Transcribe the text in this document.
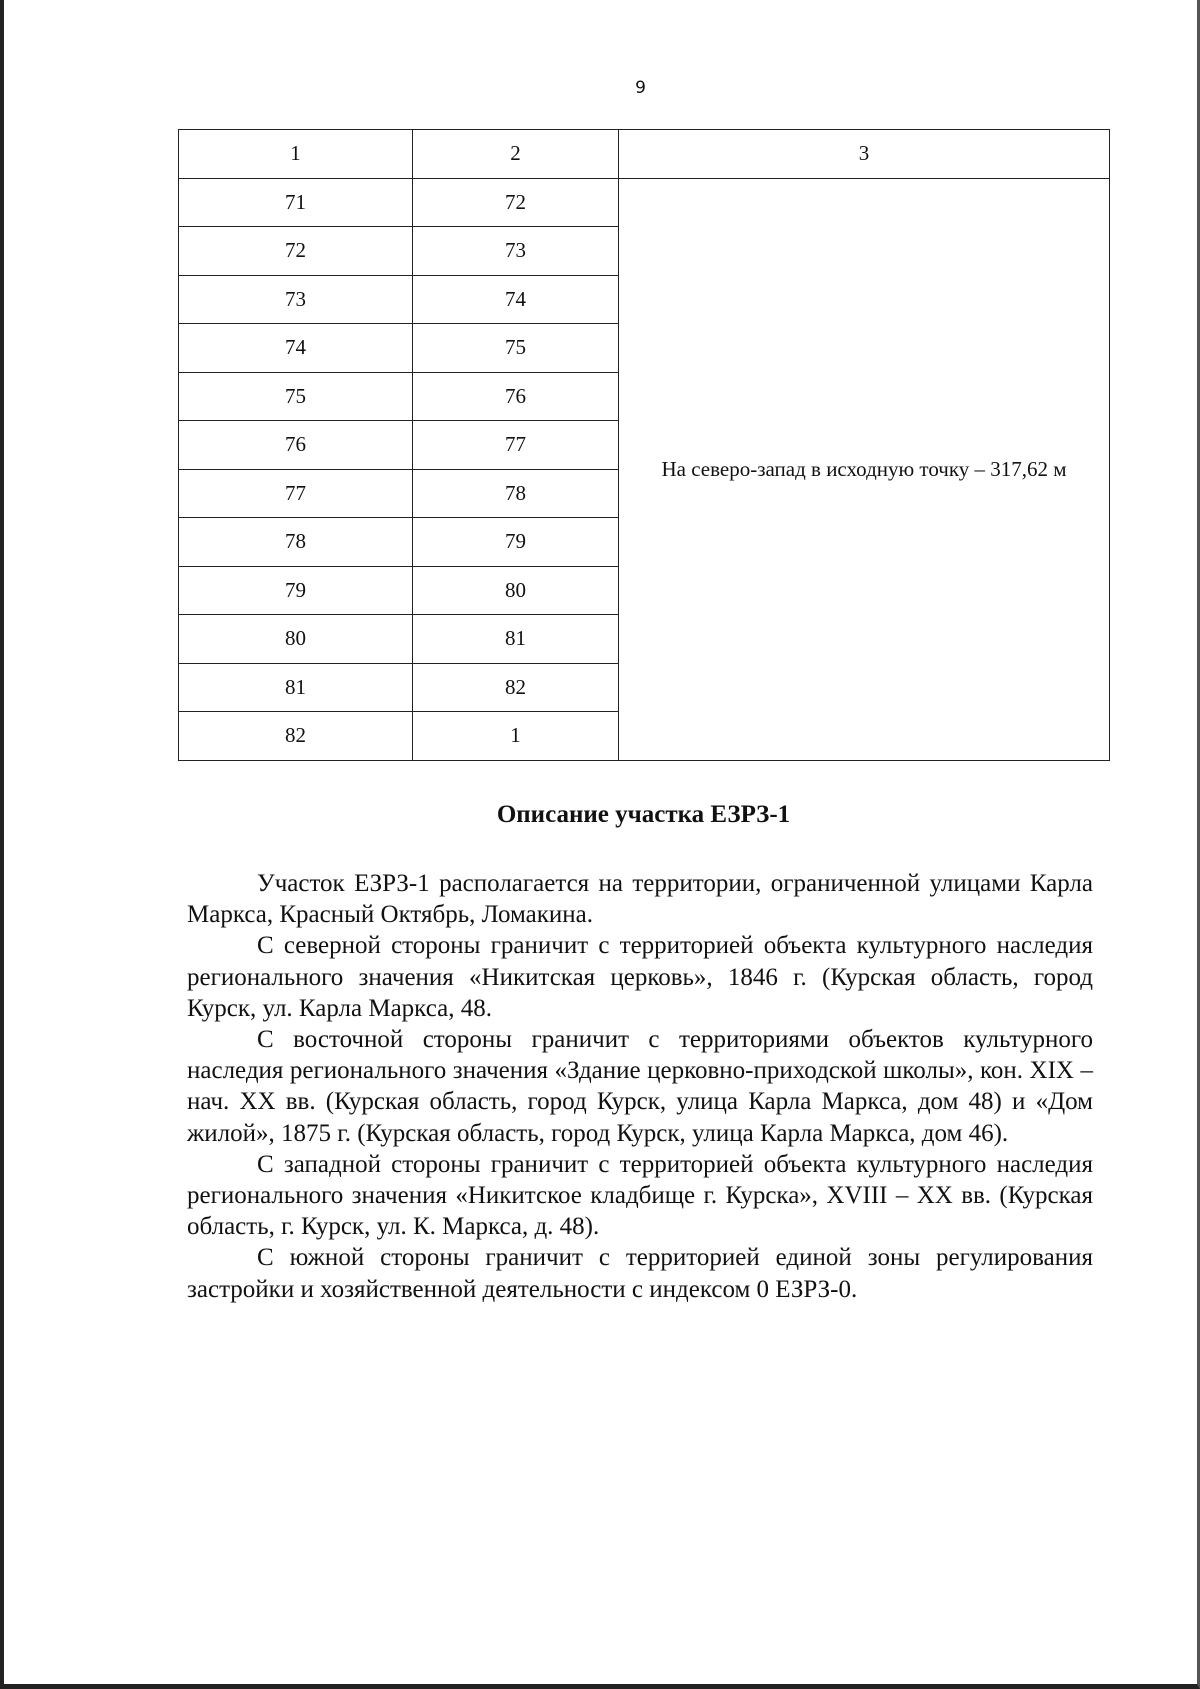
9
1	2	3
71	72	На северо-запад в исходную точку – 317,62 м
72	73	
73	74	
74	75	
75	76	
76	77	
77	78	
78	79	
79	80	
80	81	
81	82	
82	1	
Описание участка ЕЗРЗ-1

Участок ЕЗРЗ-1 располагается на территории, ограниченной улицами Карла Маркса, Красный Октябрь, Ломакина.

С северной стороны граничит с территорией объекта культурного наследия регионального значения «Никитская церковь», 1846 г. (Курская область, город Курск, ул. Карла Маркса, 48.

С восточной стороны граничит с территориями объектов культурного наследия регионального значения «Здание церковно-приходской школы», кон. XIX – нач. XX вв. (Курская область, город Курск, улица Карла Маркса, дом 48) и «Дом жилой», 1875 г. (Курская область, город Курск, улица Карла Маркса, дом 46).

С западной стороны граничит с территорией объекта культурного наследия регионального значения «Никитское кладбище г. Курска», XVIII – XX вв. (Курская область, г. Курск, ул. К. Маркса, д. 48).

С южной стороны граничит с территорией единой зоны регулирования застройки и хозяйственной деятельности с индексом 0 ЕЗРЗ-0.
